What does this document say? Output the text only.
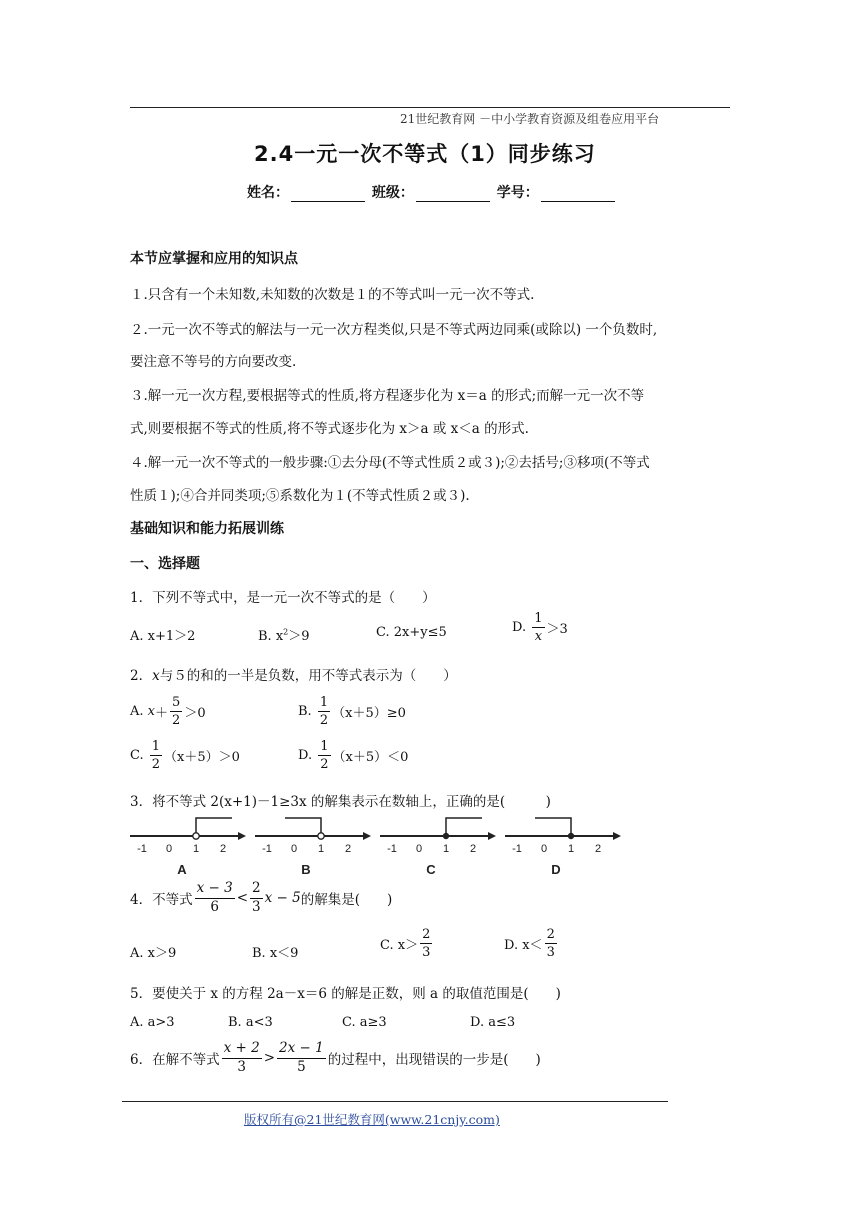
21世纪教育网 －中小学教育资源及组卷应用平台
2.4一元一次不等式（1）同步练习
姓名：	班级：	学号：
本节应掌握和应用的知识点
１.只含有一个未知数,未知数的次数是１的不等式叫一元一次不等式.
２.一元一次不等式的解法与一元一次方程类似,只是不等式两边同乘(或除以) 一个负数时,
要注意不等号的方向要改变.
３.解一元一次方程,要根据等式的性质,将方程逐步化为 x＝a 的形式;而解一元一次不等
式,则要根据不等式的性质,将不等式逐步化为 x＞a 或 x＜a 的形式.
４.解一元一次不等式的一般步骤:①去分母(不等式性质２或３);②去括号;③移项(不等式
性质１);④合并同类项;⑤系数化为１(不等式性质２或３).
基础知识和能力拓展训练
一、选择题
1．下列不等式中，是一元一次不等式的是（　　）
A. x+1＞2	B. $x^2>9$	C. 2x+y≤5	D. $\frac{1}{x} >3$
2．x与５的和的一半是负数，用不等式表示为（　　）
A. $x+ \frac{5}{2} >0$	B. $\frac{1}{2} (x+5)\ge 0$
C. $\frac{1}{2} (x+5)>0$	D. $\frac{1}{2} (x+5)<0$
3．将不等式 2(x+1)－1≥3x 的解集表示在数轴上，正确的是(　　　)
-1 0 1 2
A
-1 0 1 2
B
-1 0 1 2
C
-1 0 1 2
D
4．不等式 $\frac{x - 3}{6} < \frac{2}{3}$ x − 5的解集是(　　)
A. x＞9	B. x＜9
C. $x> \frac{2}{3}$	D. $x< \frac{2}{3}$
5．要使关于 x 的方程 2a－x＝6 的解是正数，则 a 的取值范围是(　　)
A. a>3	B. a<3	C. a≥3	D. a≤3
6．在解不等式 $\frac{x + 2}{3} > \frac{2x - 1}{5}$ 的过程中，出现错误的一步是(　　)
版权所有@21世纪教育网(www.21cnjy.com)
